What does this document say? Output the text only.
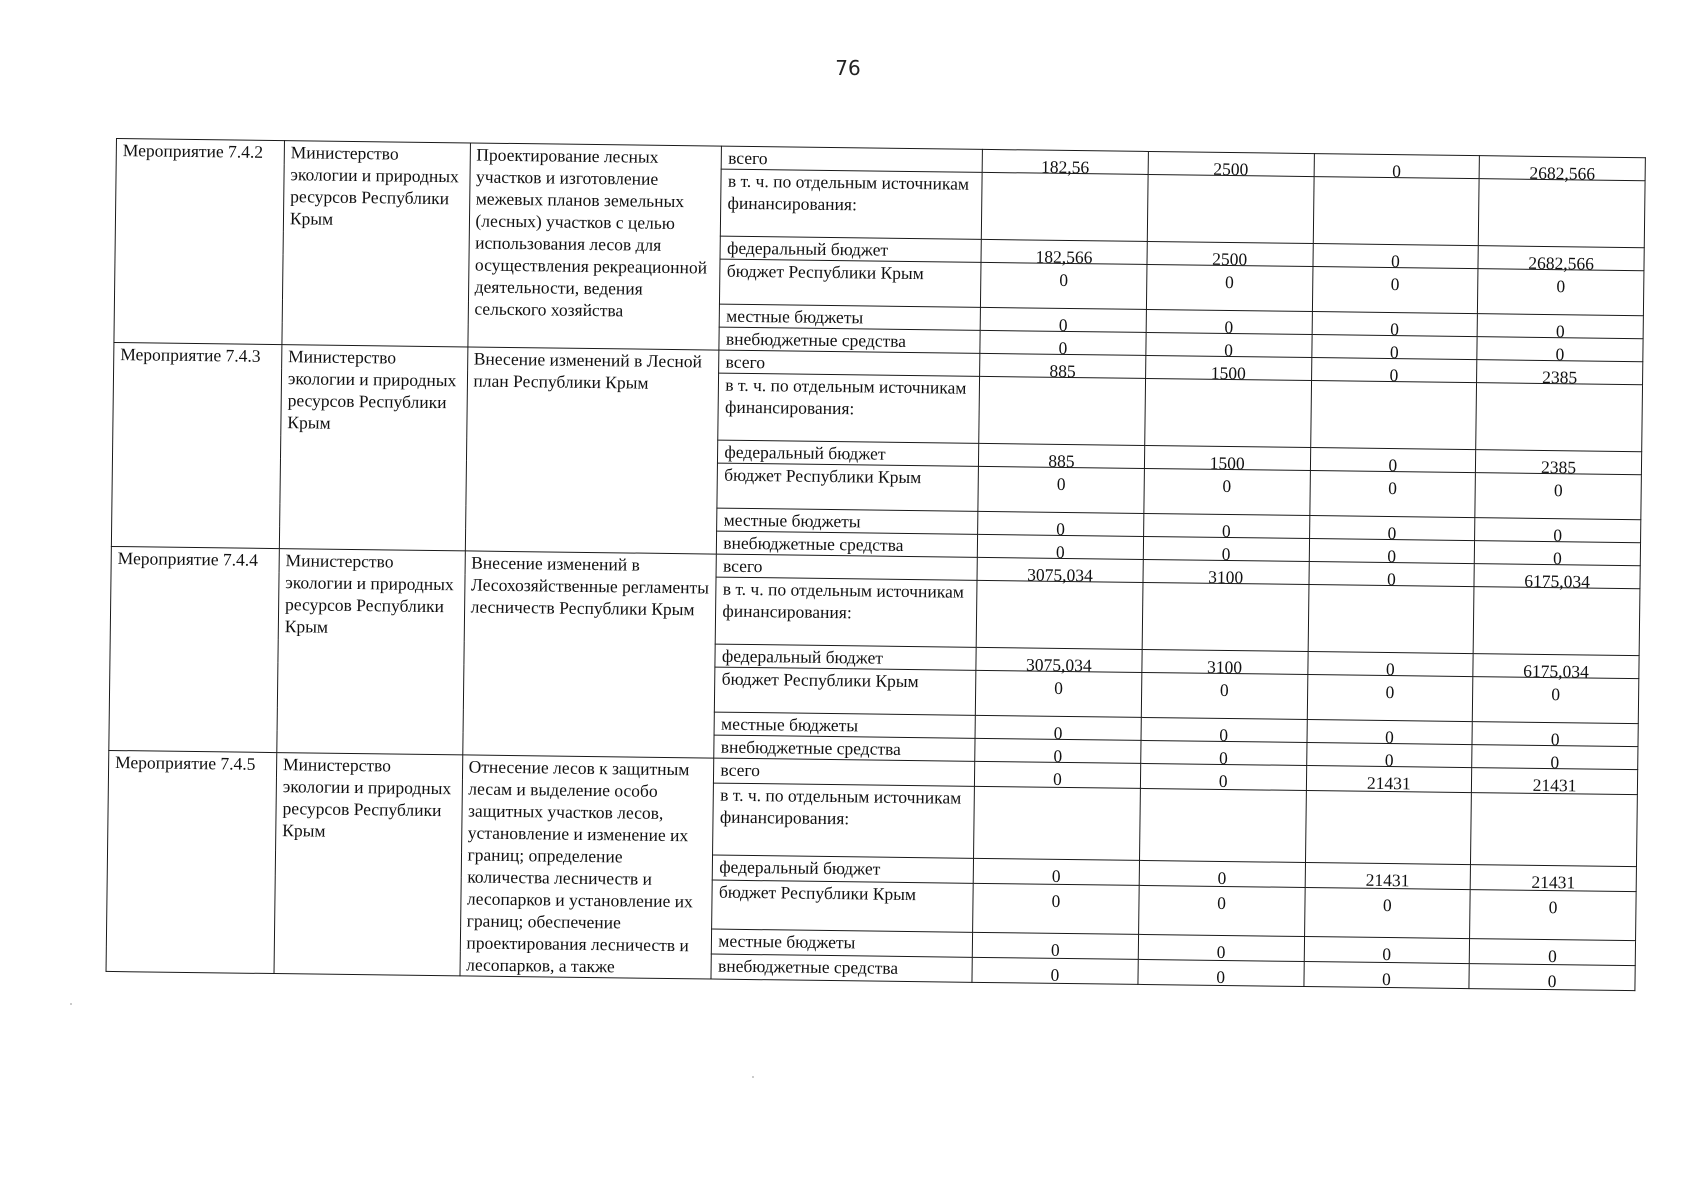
76
Мероприятие 7.4.2	Министерство экологии и природных ресурсов Республики Крым	Проектирование лесных участков и изготовление межевых планов земельных (лесных) участков с целью использования лесов для осуществления рекреационной деятельности, ведения сельского хозяйства	всего	182,56	2500	0	2682,566
			в т. ч. по отдельным источникам финансирования:				
			федеральный бюджет	182,566	2500	0	2682,566
			бюджет Республики Крым	0	0	0	0
			местные бюджеты	0	0	0	0
			внебюджетные средства	0	0	0	0
Мероприятие 7.4.3	Министерство экологии и природных ресурсов Республики Крым	Внесение изменений в Лесной план Республики Крым	всего	885	1500	0	2385
			в т. ч. по отдельным источникам финансирования:				
			федеральный бюджет	885	1500	0	2385
			бюджет Республики Крым	0	0	0	0
			местные бюджеты	0	0	0	0
			внебюджетные средства	0	0	0	0
Мероприятие 7.4.4	Министерство экологии и природных ресурсов Республики Крым	Внесение изменений в Лесохозяйственные регламенты лесничеств Республики Крым	всего	3075,034	3100	0	6175,034
			в т. ч. по отдельным источникам финансирования:				
			федеральный бюджет	3075,034	3100	0	6175,034
			бюджет Республики Крым	0	0	0	0
			местные бюджеты	0	0	0	0
			внебюджетные средства	0	0	0	0
Мероприятие 7.4.5	Министерство экологии и природных ресурсов Республики Крым	Отнесение лесов к защитным лесам и выделение особо защитных участков лесов, установление и изменение их границ; определение количества лесничеств и лесопарков и установление их границ; обеспечение проектирования лесничеств и лесопарков, а также	всего	0	0	21431	21431
			в т. ч. по отдельным источникам финансирования:				
			федеральный бюджет	0	0	21431	21431
			бюджет Республики Крым	0	0	0	0
			местные бюджеты	0	0	0	0
			внебюджетные средства	0	0	0	0
